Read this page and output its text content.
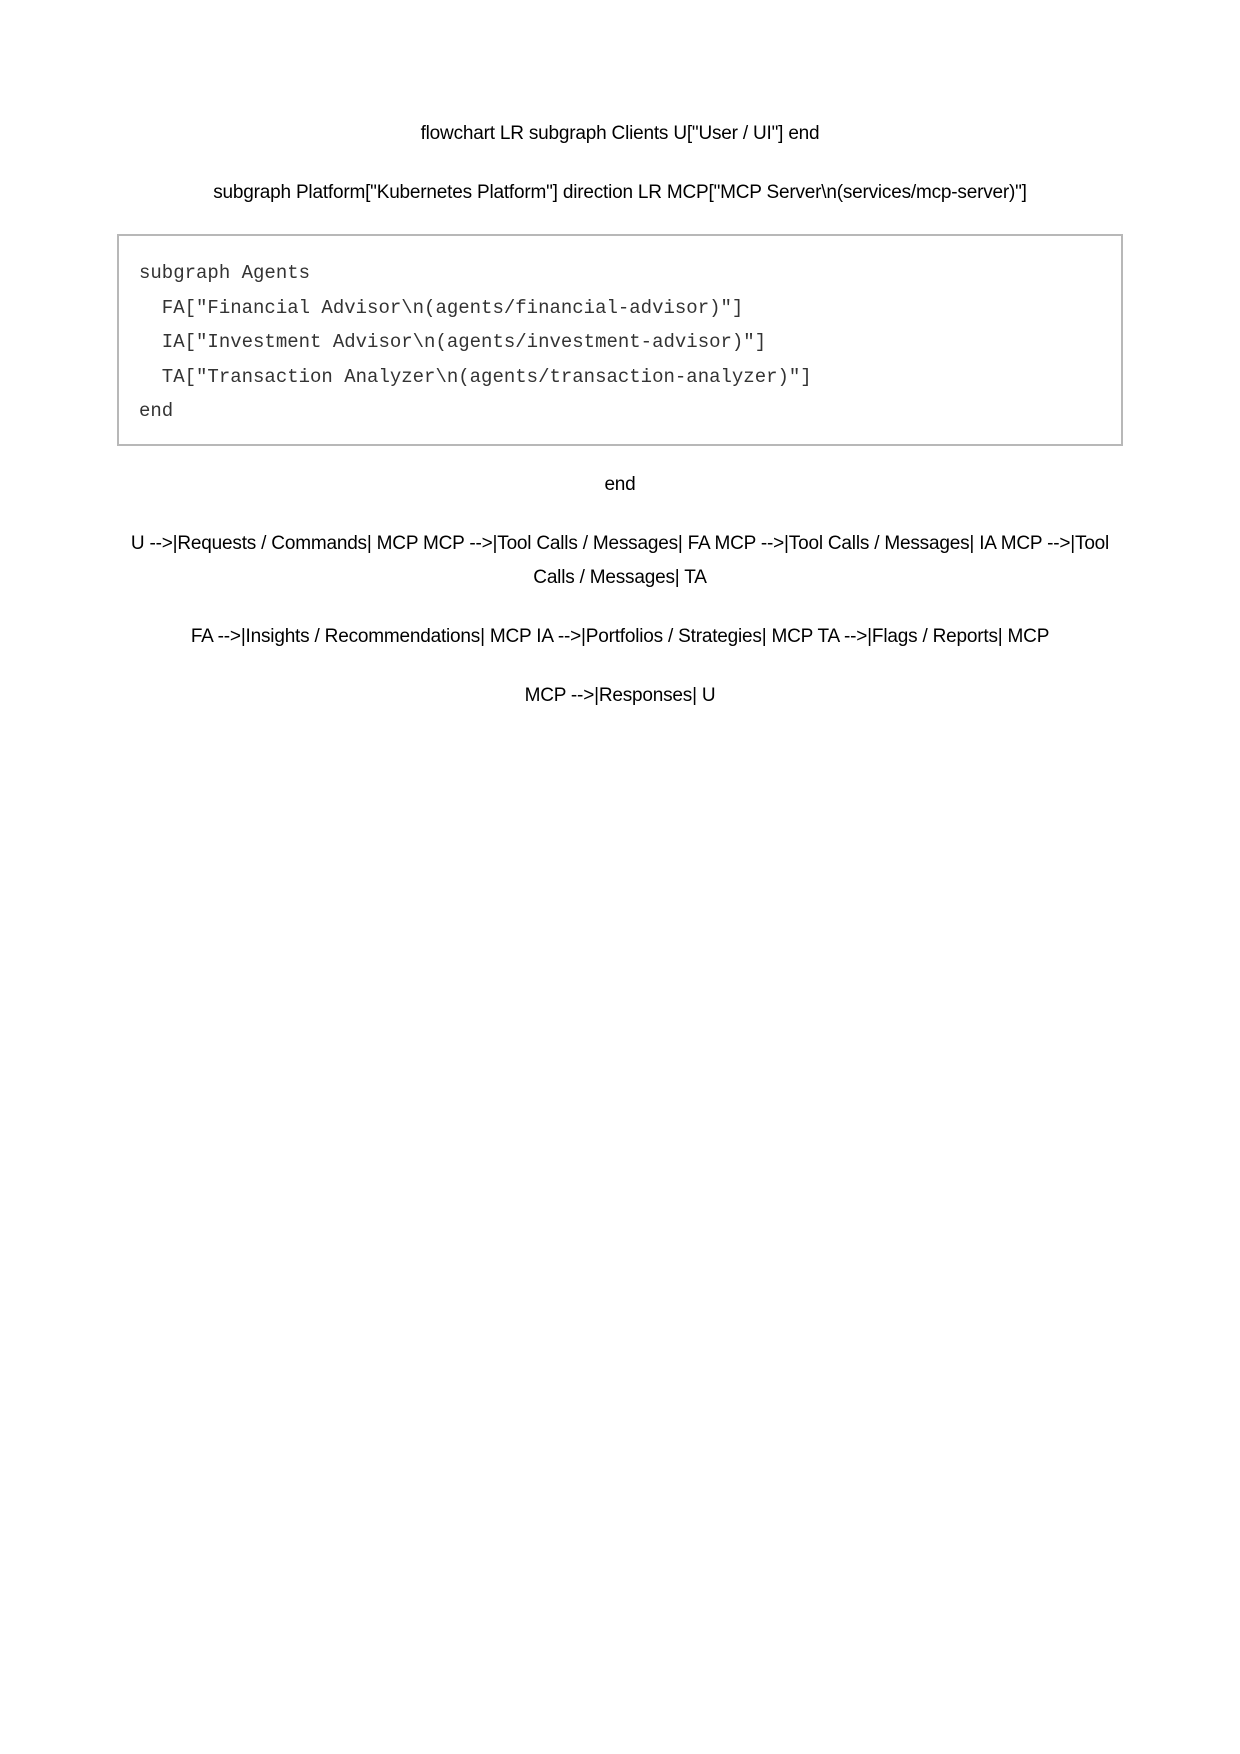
flowchart LR subgraph Clients U["User / UI"] end
subgraph Platform["Kubernetes Platform"] direction LR MCP["MCP Server\n(services/mcp-server)"]
subgraph Agents
FA["Financial Advisor\n(agents/financial-advisor)"]
IA["Investment Advisor\n(agents/investment-advisor)"]
TA["Transaction Analyzer\n(agents/transaction-analyzer)"]
end
end
U -->|Requests / Commands| MCP MCP -->|Tool Calls / Messages| FA MCP -->|Tool Calls / Messages| IA MCP -->|Tool Calls / Messages| TA
FA -->|Insights / Recommendations| MCP IA -->|Portfolios / Strategies| MCP TA -->|Flags / Reports| MCP
MCP -->|Responses| U
